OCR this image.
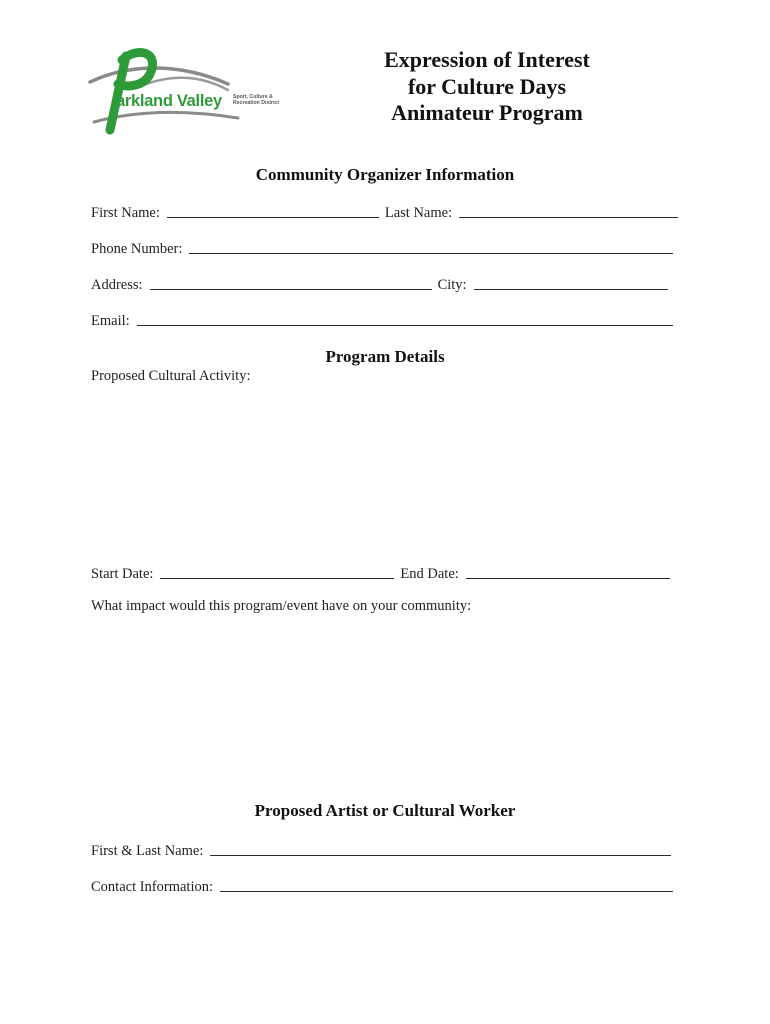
arkland Valley Sport, Culture & Recreation District
Expression of Interest
for Culture Days
Animateur Program
Community Organizer Information
First Name:	Last Name:
Phone Number:
Address:	City:
Email:
Program Details
Proposed Cultural Activity:
Start Date:	End Date:
What impact would this program/event have on your community:
Proposed Artist or Cultural Worker
First & Last Name:
Contact Information:
